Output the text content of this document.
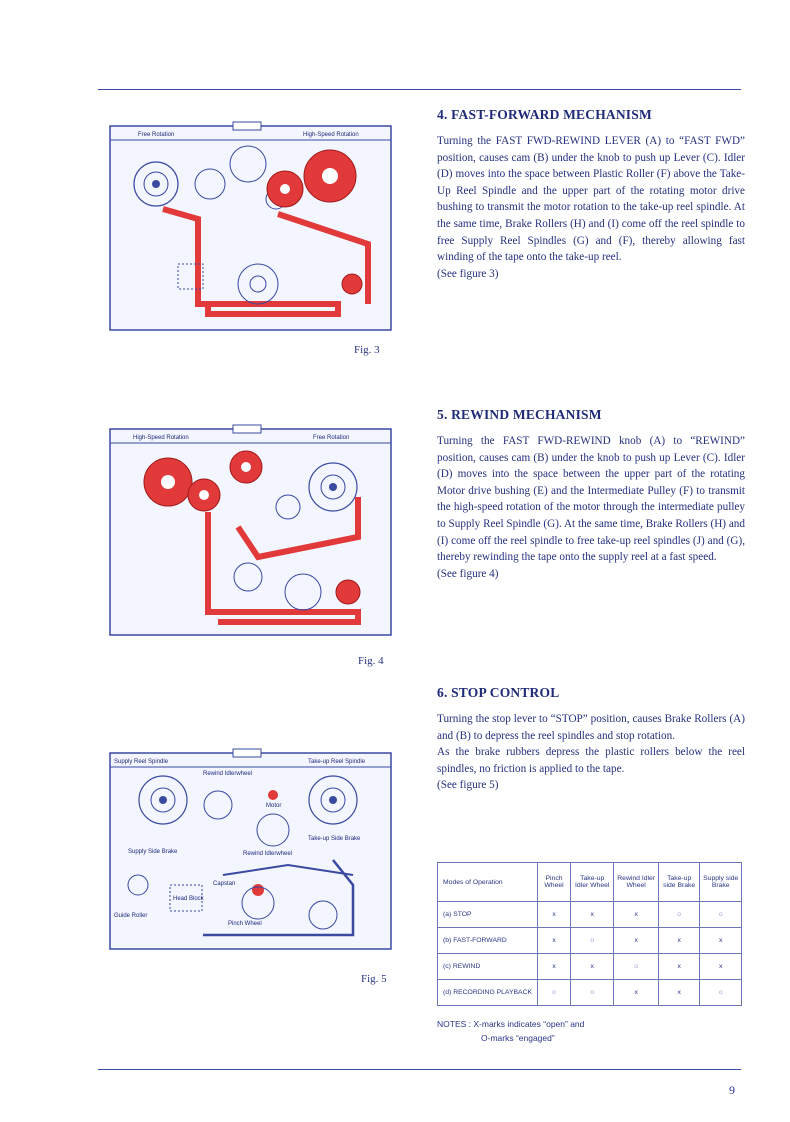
Free Rotation	High-Speed Rotation
Fig. 3
4. FAST-FORWARD MECHANISM

Turning the FAST FWD-REWIND LEVER (A) to “FAST FWD” position, causes cam (B) under the knob to push up Lever (C). Idler (D) moves into the space between Plastic Roller (F) above the Take-Up Reel Spindle and the upper part of the rotating motor drive bushing to transmit the motor rotation to the take-up reel spindle. At the same time, Brake Rollers (H) and (I) come off the reel spindle to free Supply Reel Spindles (G) and (F), thereby allowing fast winding of the tape onto the take-up reel.

(See figure 3)

High-Speed Rotation	Free Rotation
Fig. 4
5. REWIND MECHANISM

Turning the FAST FWD-REWIND knob (A) to “REWIND” position, causes cam (B) under the knob to push up Lever (C). Idler (D) moves into the space between the upper part of the rotating Motor drive bushing (E) and the Intermediate Pulley (F) to transmit the high-speed rotation of the motor through the intermediate pulley to Supply Reel Spindle (G). At the same time, Brake Rollers (H) and (I) come off the reel spindle to free take-up reel spindles (J) and (G), thereby rewinding the tape onto the supply reel at a fast speed.

(See figure 4)

Supply Reel Spindle	Take-up Reel Spindle
Rewind Idlerwheel
Motor
Take-up Side Brake
Supply Side Brake	Rewind Idlerwheel
Capstan
Head Block
Pinch Wheel
Guide Roller
Fig. 5
6. STOP CONTROL

Turning the stop lever to “STOP” position, causes Brake Rollers (A) and (B) to depress the reel spindles and stop rotation.

As the brake rubbers depress the plastic rollers below the reel spindles, no friction is applied to the tape.

(See figure 5)

Modes of Operation	Pinch Wheel	Take-up Idler Wheel	Rewind Idler Wheel	Take-up side Brake	Supply side Brake
(a) STOP	x	x	x	o	o
(b) FAST-FORWARD	x	o	x	x	x
(c) REWIND	x	x	o	x	x
(d) RECORDING PLAYBACK	o	o	x	x	o
NOTES : X-marks indicates “open” and
O-marks “engaged”
9
